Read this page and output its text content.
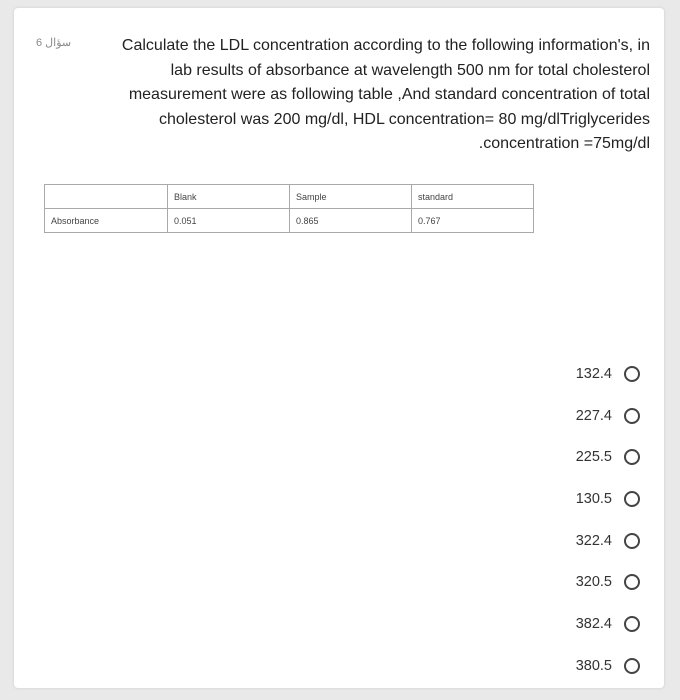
سؤال 6	Calculate the LDL concentration according to the following information's, in
lab results of absorbance at wavelength 500 nm for total cholesterol
measurement were as following table ,And standard concentration of total
cholesterol was 200 mg/dl, HDL concentration= 80 mg/dlTriglycerides
.concentration =75mg/dl
	Blank	Sample	standard
Absorbance	0.051	0.865	0.767
132.4
227.4
225.5
130.5
322.4
320.5
382.4
380.5
